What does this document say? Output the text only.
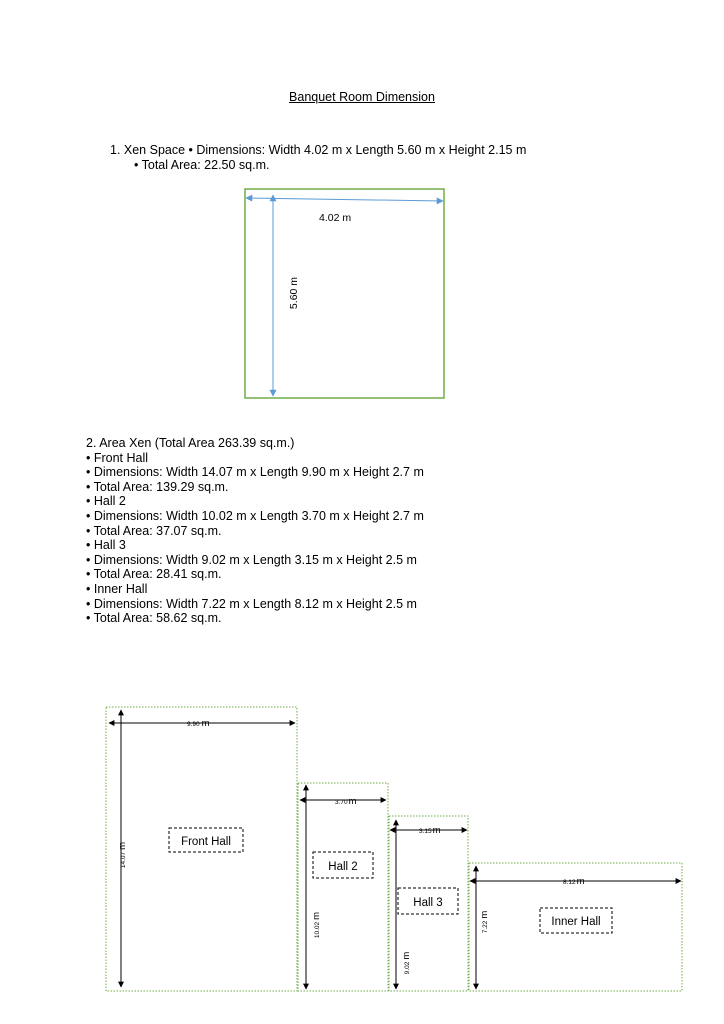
Banquet Room Dimension
1. Xen Space • Dimensions: Width 4.02 m x Length 5.60 m x Height 2.15 m
• Total Area: 22.50 sq.m.
2. Area Xen (Total Area 263.39 sq.m.)
• Front Hall
• Dimensions: Width 14.07 m x Length 9.90 m x Height 2.7 m
• Total Area: 139.29 sq.m.
• Hall 2
• Dimensions: Width 10.02 m x Length 3.70 m x Height 2.7 m
• Total Area: 37.07 sq.m.
• Hall 3
• Dimensions: Width 9.02 m x Length 3.15 m x Height 2.5 m
• Total Area: 28.41 sq.m.
• Inner Hall
• Dimensions: Width 7.22 m x Length 8.12 m x Height 2.5 m
• Total Area: 58.62 sq.m.
4.02 m
5.60 m
9.90 m
14.07m	Front Hall
3.70m
10.02m
Hall 2
3.15m
9.02m
Hall 3
8.12m
7.22m
Inner Hall
